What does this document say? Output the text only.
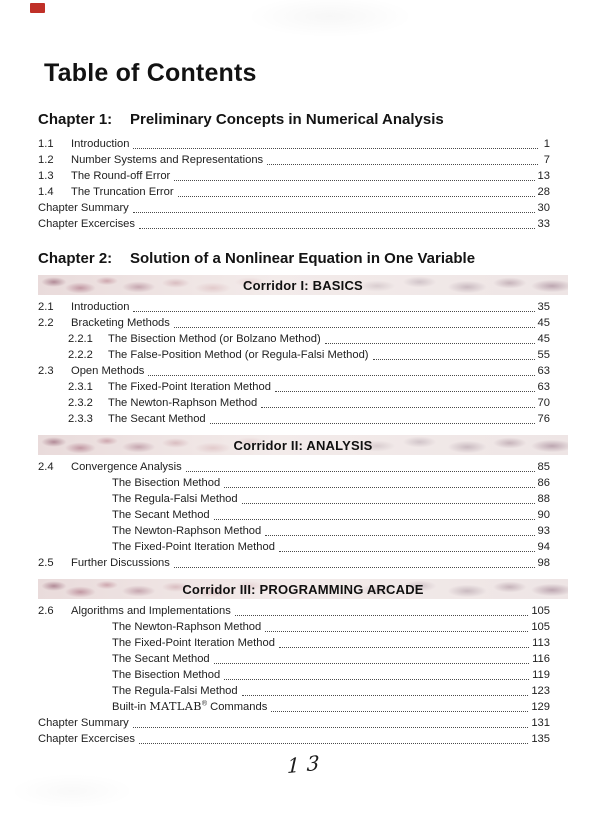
Table of Contents
Chapter 1: Preliminary Concepts in Numerical Analysis
1.1	Introduction	1
1.2	Number Systems and Representations	7
1.3	The Round-off Error	13
1.4	The Truncation Error	28
Chapter Summary	30
Chapter Excercises	33
Chapter 2: Solution of a Nonlinear Equation in One Variable
Corridor I: BASICS
2.1	Introduction	35
2.2	Bracketing Methods	45
2.2.1	The Bisection Method (or Bolzano Method)	45
2.2.2	The False-Position Method (or Regula-Falsi Method)	55
2.3	Open Methods	63
2.3.1	The Fixed-Point Iteration Method	63
2.3.2	The Newton-Raphson Method	70
2.3.3	The Secant Method	76
Corridor II: ANALYSIS
2.4	Convergence Analysis	85
The Bisection Method	86
The Regula-Falsi Method	88
The Secant Method	90
The Newton-Raphson Method	93
The Fixed-Point Iteration Method	94
2.5	Further Discussions	98
Corridor III: PROGRAMMING ARCADE
2.6	Algorithms and Implementations	105
The Newton-Raphson Method	105
The Fixed-Point Iteration Method	113
The Secant Method	116
The Bisection Method	119
The Regula-Falsi Method	123
Built-in MATLAB® Commands	129
Chapter Summary	131
Chapter Excercises	135
13
